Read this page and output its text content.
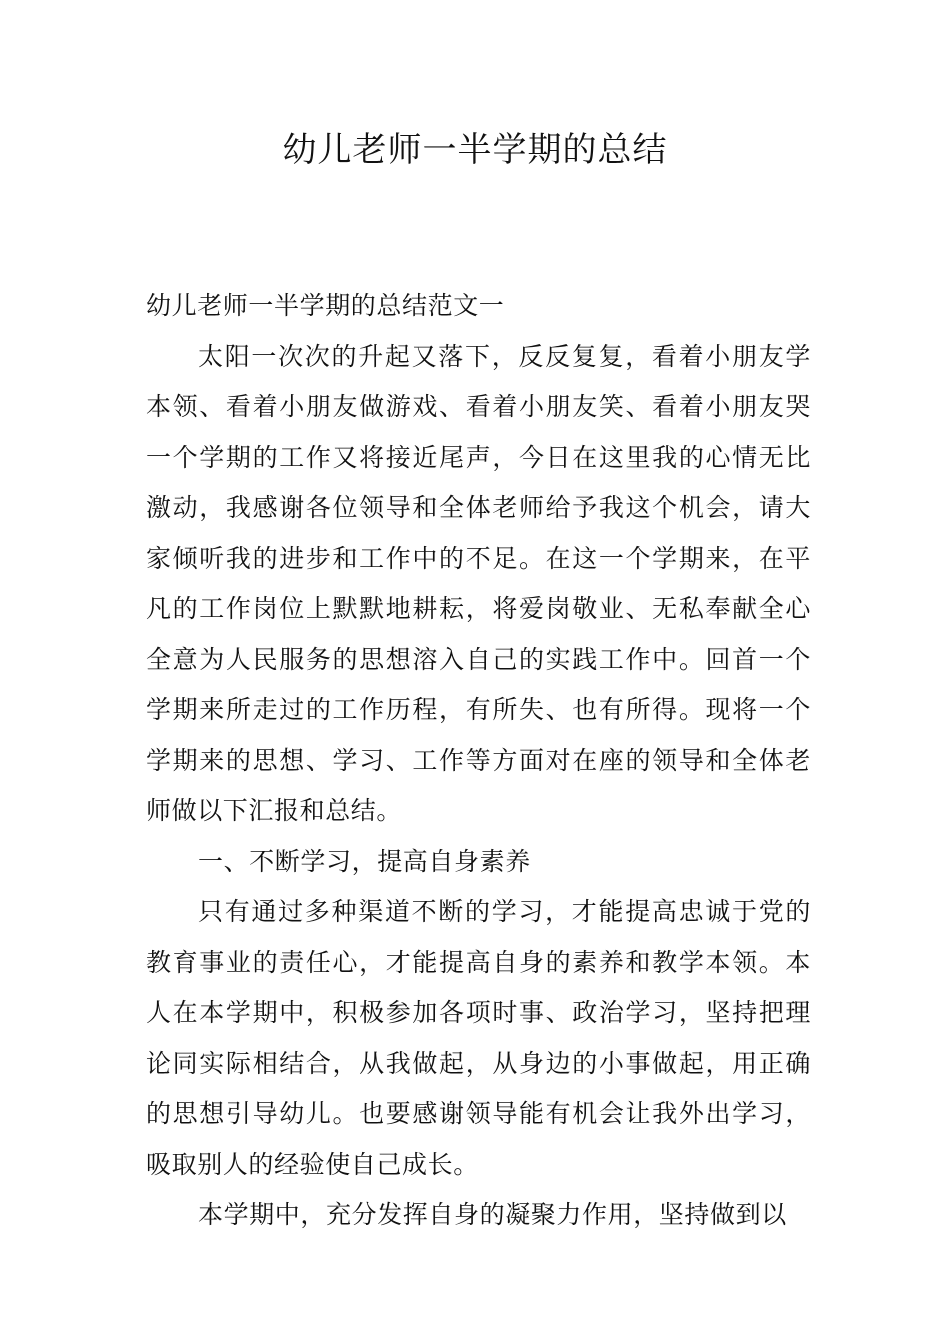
幼儿老师一半学期的总结

幼儿老师一半学期的总结范文一

太阳一次次的升起又落下，反反复复，看着小朋友学本领、看着小朋友做游戏、看着小朋友笑、看着小朋友哭一个学期的工作又将接近尾声，今日在这里我的心情无比激动，我感谢各位领导和全体老师给予我这个机会，请大家倾听我的进步和工作中的不足。在这一个学期来，在平凡的工作岗位上默默地耕耘，将爱岗敬业、无私奉献全心全意为人民服务的思想溶入自己的实践工作中。回首一个学期来所走过的工作历程，有所失、也有所得。现将一个学期来的思想、学习、工作等方面对在座的领导和全体老师做以下汇报和总结。

一、不断学习，提高自身素养

只有通过多种渠道不断的学习，才能提高忠诚于党的教育事业的责任心，才能提高自身的素养和教学本领。本人在本学期中，积极参加各项时事、政治学习，坚持把理论同实际相结合，从我做起，从身边的小事做起，用正确的思想引导幼儿。也要感谢领导能有机会让我外出学习，吸取别人的经验使自己成长。

本学期中，充分发挥自身的凝聚力作用，坚持做到以
